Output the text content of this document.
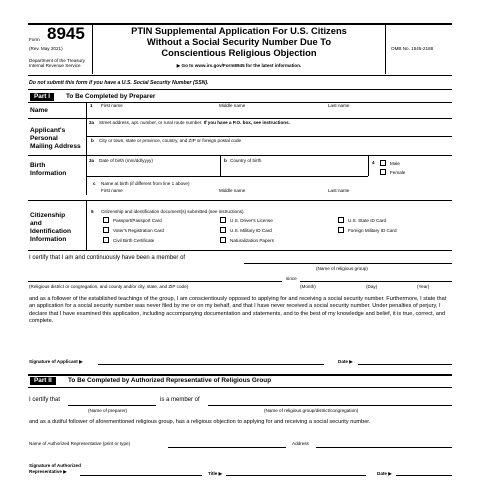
Form 8945
(Rev. May 2021)
Department of the Treasury
Internal Revenue Service
PTIN Supplemental Application For U.S. Citizens
Without a Social Security Number Due To
Conscientious Religious Objection
▶ Go to www.irs.gov/Form8945 for the latest information.
OMB No. 1545-2188
Do not submit this form if you have a U.S. Social Security Number (SSN).
Part I	To Be Completed by Preparer
Name
1 First name	Middle name	Last name
Applicant's
Personal
Mailing Address
2a Street address, apt. number, or rural route number. If you have a P.O. box, see instructions.
b City or town, state or province, country, and ZIP or foreign postal code
Birth
Information
3a Date of birth (mm/dd/yyyy)	b Country of birth	4	Male
Female
c Name at birth (if different from line 1 above)
First name	Middle name	Last name
Citizenship
and
Identification
Information
5 Citizenship and identification document(s) submitted (see instructions)
Passport/Passport Card	U.S. Driver's License	U.S. State ID Card
Voter's Registration Card	U.S. Military ID Card	Foreign Military ID Card
Civil Birth Certificate	Naturalization Papers
I certify that I am and continuously have been a member of
(Name of religious group)
since
(Religious district or congregation, and county and/or city, state, and ZIP code)	(Month)	(Day)	(Year)
and as a follower of the established teachings of the group, I am conscientiously opposed to applying for and receiving a social security number. Furthermore, I state that an application for a social security number was never filed by me or on my behalf, and that I have never received a social security number. Under penalties of perjury, I declare that I have examined this application, including accompanying documentation and statements, and to the best of my knowledge and belief, it is true, correct, and complete.
Signature of Applicant ▶	Date ▶
Part II	To Be Completed by Authorized Representative of Religious Group
I certify that	is a member of
(Name of preparer)	(Name of religious group/district/congregation)
and as a dutiful follower of aforementioned religious group, has a religious objection to applying for and receiving a social security number.
Name of Authorized Representative (print or type)	Address
Signature of Authorized
Representative ▶	Title ▶	Date ▶
